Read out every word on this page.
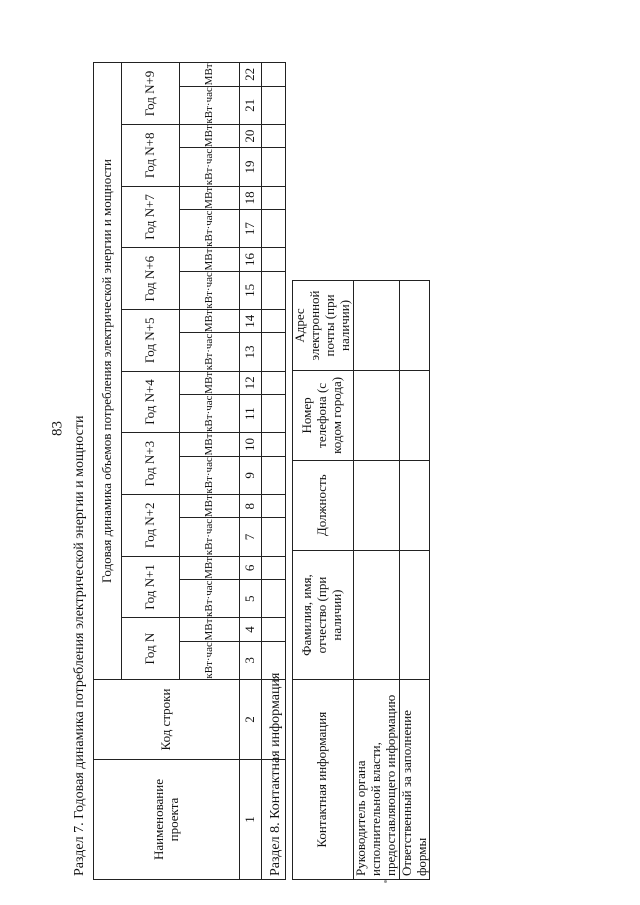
83 Раздел 7. Годовая динамика потребления электрической энергии и мощности	Наименование проекта	Код строки	Годовая динамика объемов потребления электрической энергии и мощности																			
		Год N		Год N+1		Год N+2		Год N+3		Год N+4		Год N+5		Год N+6		Год N+7		Год N+8		Год N+9	
		кВт·час	МВт	кВт·час	МВт	кВт·час	МВт	кВт·час	МВт	кВт·час	МВт	кВт·час	МВт	кВт·час	МВт	кВт·час	МВт	кВт·час	МВт	кВт·час	МВт
1	2	3	4	5	6	7	8	9	10	11	12	13	14	15	16	17	18	19	20	21	22

Раздел 8. Контактная информация Контактная информация	Фамилия, имя, отчество (при наличии)	Должность	Номер телефона (с кодом города)	Адрес электронной почты (при наличии)
Руководитель органа исполнительной власти, предоставляющего информацию				
Ответственный за заполнение формы				
